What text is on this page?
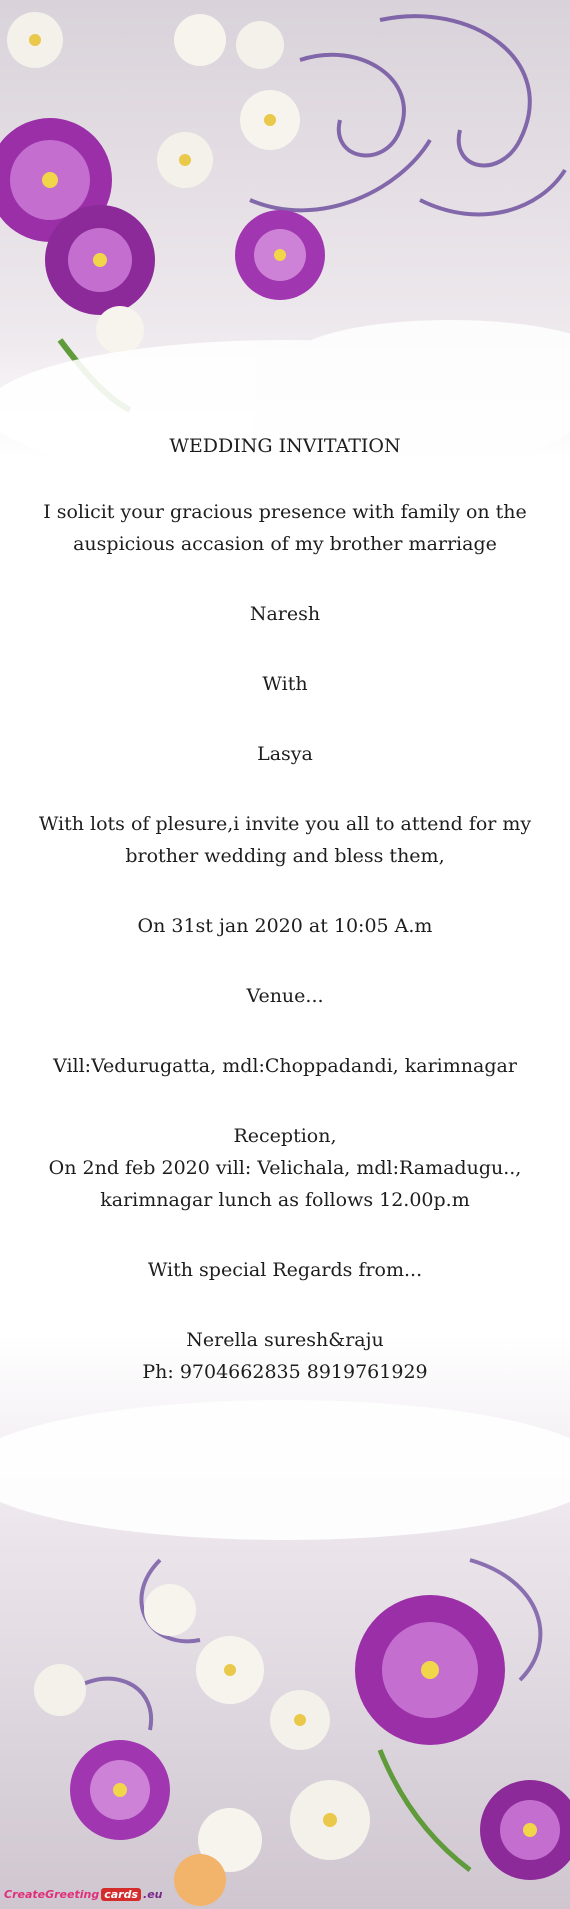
WEDDING INVITATION

I solicit your gracious presence with family on the auspicious accasion of my brother marriage

Naresh

With

Lasya

With lots of plesure,i invite you all to attend for my brother wedding and bless them,

On 31st jan 2020 at 10:05 A.m

Venue...

Vill:Vedurugatta, mdl:Choppadandi, karimnagar

Reception,

On 2nd feb 2020 vill: Velichala, mdl:Ramadugu.., karimnagar lunch as follows 12.00p.m

With special Regards from...

Nerella suresh&raju

Ph: 9704662835 8919761929

CreateGreeting cards .eu
